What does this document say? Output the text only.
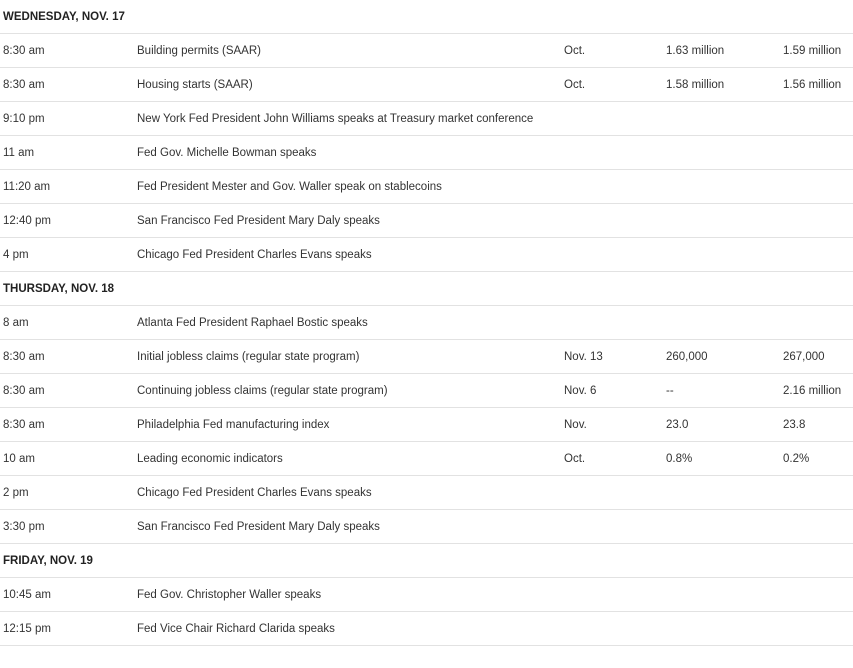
WEDNESDAY, NOV. 17
8:30 am	Building permits (SAAR)	Oct.	1.63 million	1.59 million
8:30 am	Housing starts (SAAR)	Oct.	1.58 million	1.56 million
9:10 pm	New York Fed President John Williams speaks at Treasury market conference
11 am	Fed Gov. Michelle Bowman speaks
11:20 am	Fed President Mester and Gov. Waller speak on stablecoins
12:40 pm	San Francisco Fed President Mary Daly speaks
4 pm	Chicago Fed President Charles Evans speaks
THURSDAY, NOV. 18
8 am	Atlanta Fed President Raphael Bostic speaks
8:30 am	Initial jobless claims (regular state program)	Nov. 13	260,000	267,000
8:30 am	Continuing jobless claims (regular state program)	Nov. 6	--	2.16 million
8:30 am	Philadelphia Fed manufacturing index	Nov.	23.0	23.8
10 am	Leading economic indicators	Oct.	0.8%	0.2%
2 pm	Chicago Fed President Charles Evans speaks
3:30 pm	San Francisco Fed President Mary Daly speaks
FRIDAY, NOV. 19
10:45 am	Fed Gov. Christopher Waller speaks
12:15 pm	Fed Vice Chair Richard Clarida speaks
